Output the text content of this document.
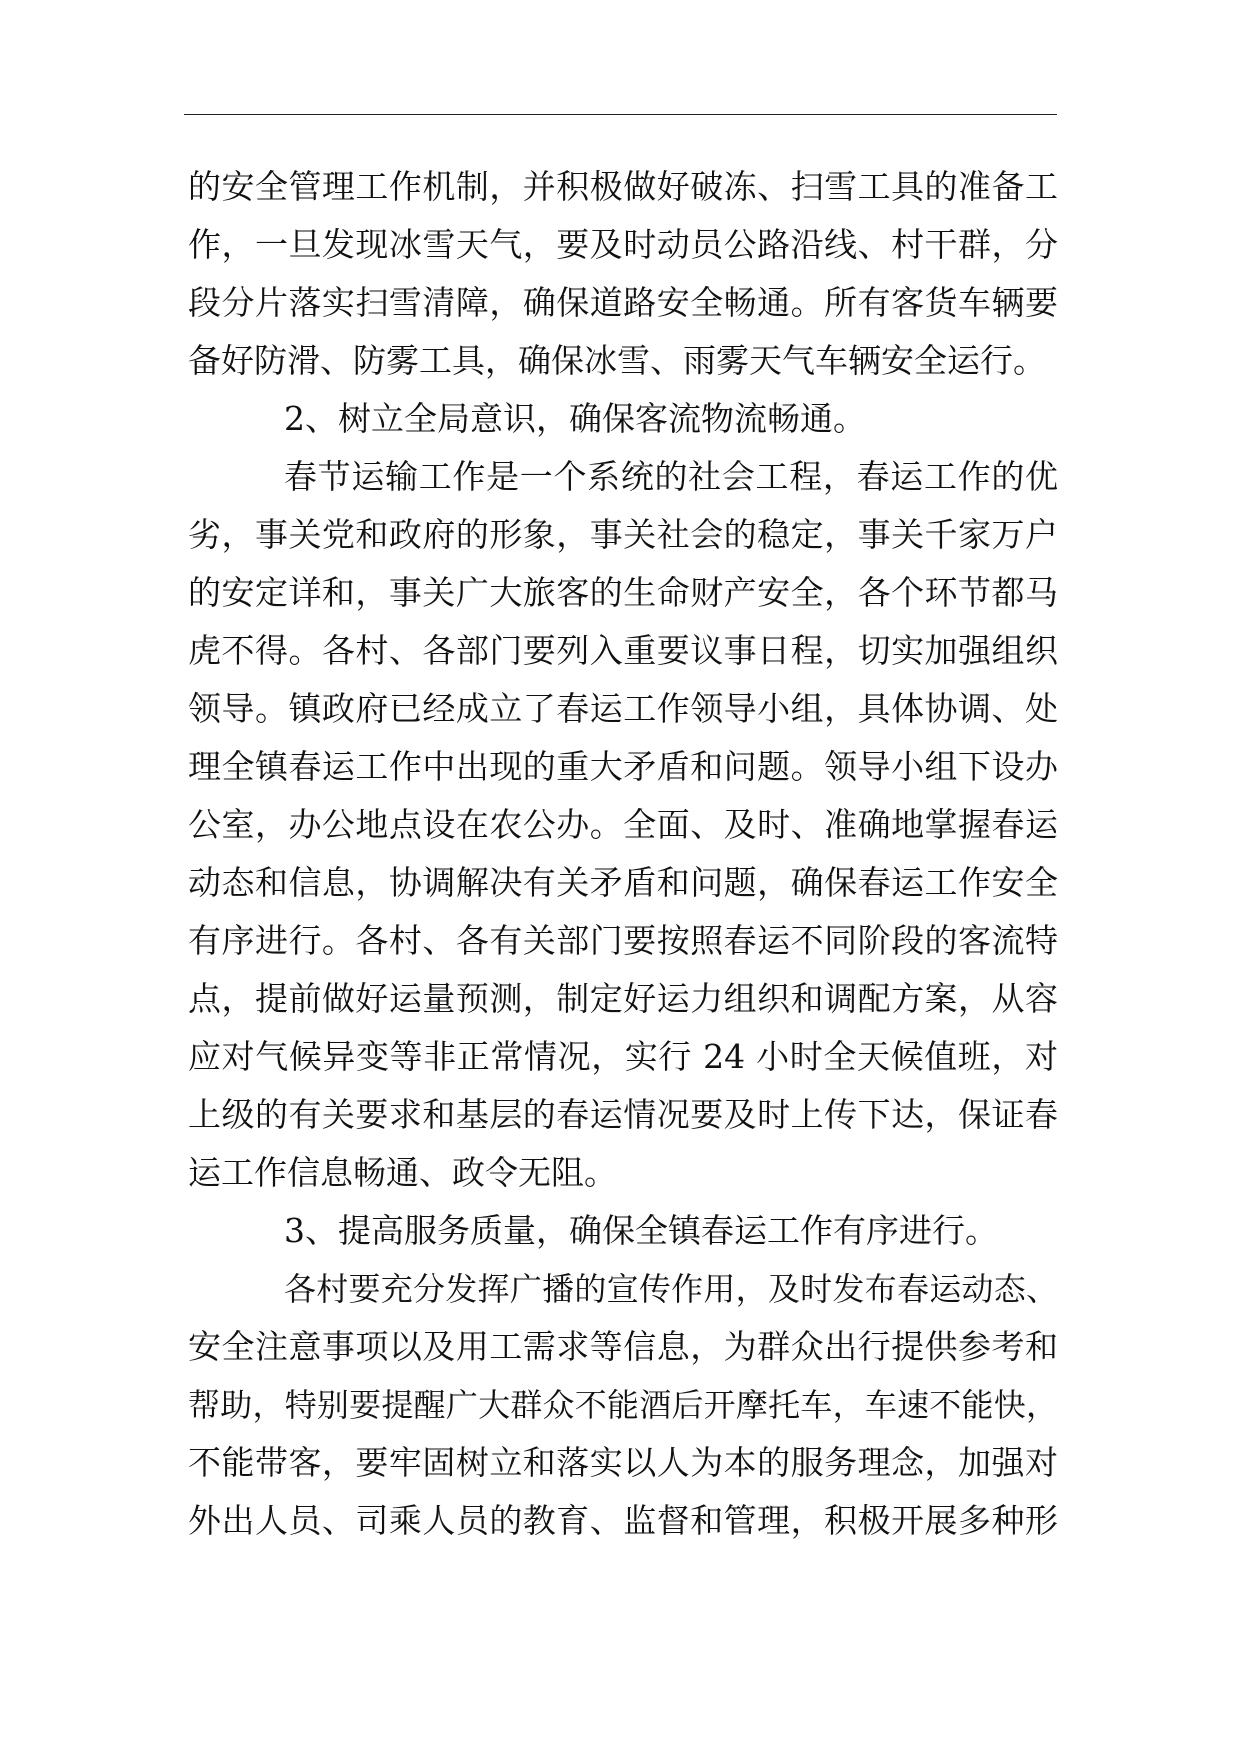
的安全管理工作机制，并积极做好破冻、扫雪工具的准备工
作，一旦发现冰雪天气，要及时动员公路沿线、村干群，分
段分片落实扫雪清障，确保道路安全畅通。所有客货车辆要
备好防滑、防雾工具，确保冰雪、雨雾天气车辆安全运行。
2、树立全局意识，确保客流物流畅通。
春节运输工作是一个系统的社会工程，春运工作的优
劣，事关党和政府的形象，事关社会的稳定，事关千家万户
的安定详和，事关广大旅客的生命财产安全，各个环节都马
虎不得。各村、各部门要列入重要议事日程，切实加强组织
领导。镇政府已经成立了春运工作领导小组，具体协调、处
理全镇春运工作中出现的重大矛盾和问题。领导小组下设办
公室，办公地点设在农公办。全面、及时、准确地掌握春运
动态和信息，协调解决有关矛盾和问题，确保春运工作安全
有序进行。各村、各有关部门要按照春运不同阶段的客流特
点，提前做好运量预测，制定好运力组织和调配方案，从容
应对气候异变等非正常情况，实行 24 小时全天候值班，对
上级的有关要求和基层的春运情况要及时上传下达，保证春
运工作信息畅通、政令无阻。
3、提高服务质量，确保全镇春运工作有序进行。
各村要充分发挥广播的宣传作用，及时发布春运动态、
安全注意事项以及用工需求等信息，为群众出行提供参考和
帮助，特别要提醒广大群众不能酒后开摩托车，车速不能快，
不能带客，要牢固树立和落实以人为本的服务理念，加强对
外出人员、司乘人员的教育、监督和管理，积极开展多种形
